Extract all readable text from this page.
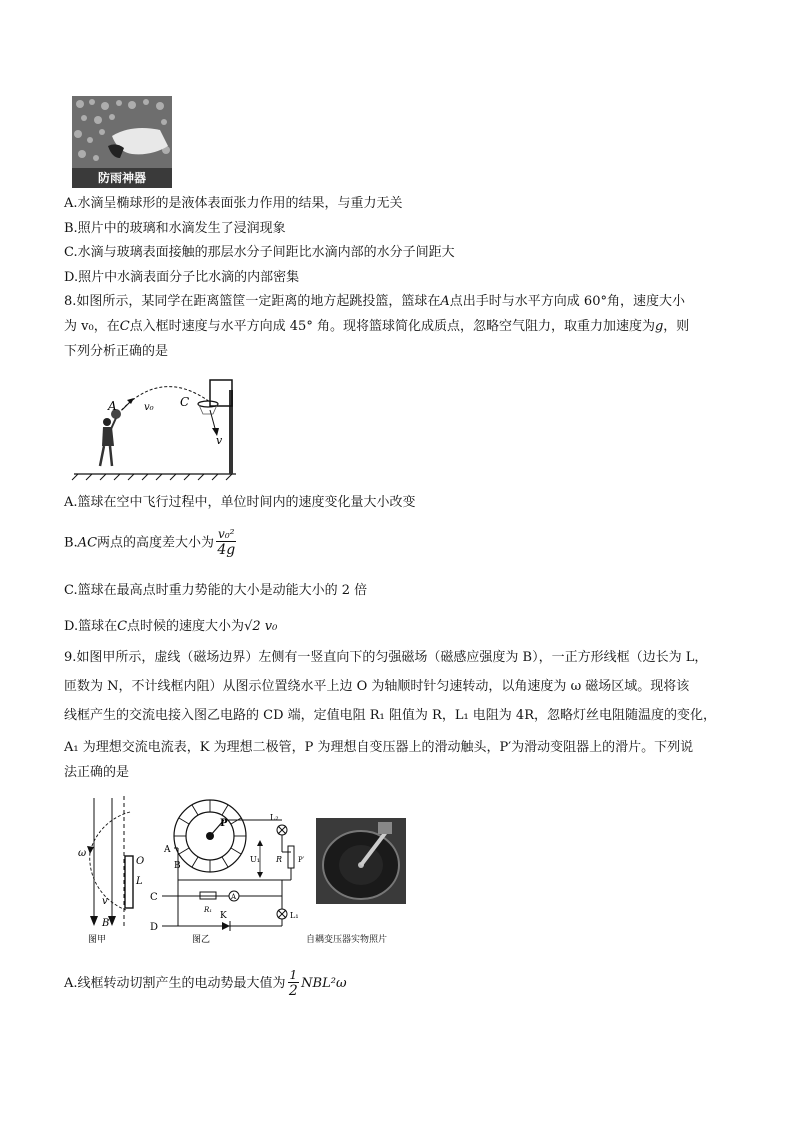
防雨神器
A.水滴呈椭球形的是液体表面张力作用的结果，与重力无关
B.照片中的玻璃和水滴发生了浸润现象
C.水滴与玻璃表面接触的那层水分子间距比水滴内部的水分子间距大
D.照片中水滴表面分子比水滴的内部密集
8.如图所示，某同学在距离篮筐一定距离的地方起跳投篮，篮球在A点出手时与水平方向成 60°角，速度大小
为 v₀，在C点入框时速度与水平方向成 45° 角。现将篮球简化成质点，忽略空气阻力，取重力加速度为g，则
下列分析正确的是
A	v₀ C
v
A.篮球在空中飞行过程中，单位时间内的速度变化量大小改变
B.AC两点的高度差大小为 $\frac{\text{v₀²}}{4g}$
C.篮球在最高点时重力势能的大小是动能大小的 2 倍
D.篮球在C点时候的速度大小为√2 v₀
9.如图甲所示，虚线（磁场边界）左侧有一竖直向下的匀强磁场（磁感应强度为 B），一正方形线框（边长为 L，
匝数为 N，不计线框内阻）从图示位置绕水平上边 O 为轴顺时针匀速转动，以角速度为 ω 磁场区域。现将该
线框产生的交流电接入图乙电路的 CD 端，定值电阻 R₁ 阻值为 R，L₁ 电阻为 4R，忽略灯丝电阻随温度的变化，
A₁ 为理想交流电流表，K 为理想二极管，P 为理想自变压器上的滑动触头，P′为滑动变阻器上的滑片。下列说
法正确的是
ω
O
L
v
B
图甲
P
L₂
R P′
U₁
A
B
C
R₁
A
L₁
D
K
图乙	自耦变压器实物照片
A.线框转动切割产生的电动势最大值为 $\frac{1}{2} NBL^2\omega$
